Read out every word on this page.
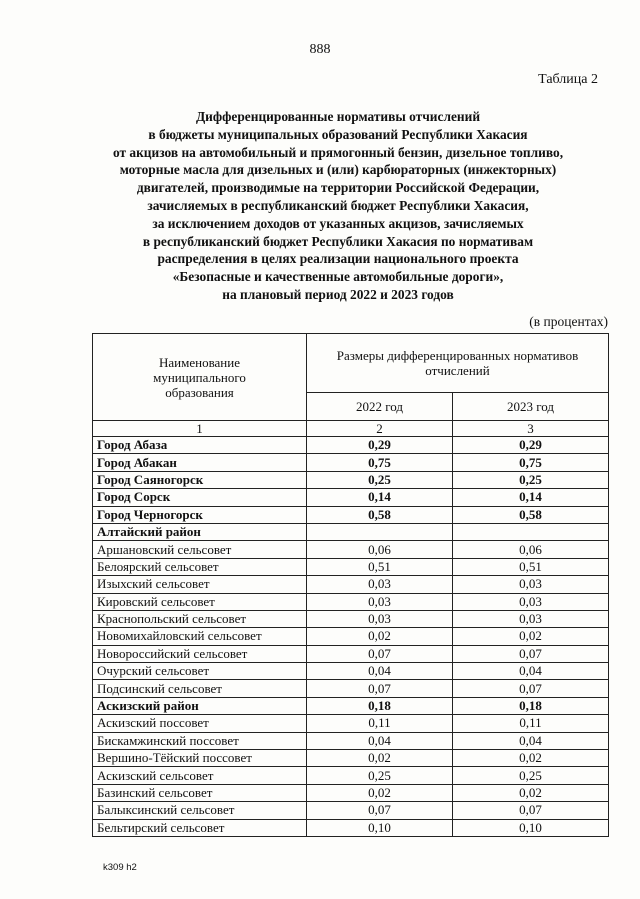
888
Таблица 2
Дифференцированные нормативы отчислений
в бюджеты муниципальных образований Республики Хакасия
от акцизов на автомобильный и прямогонный бензин, дизельное топливо,
моторные масла для дизельных и (или) карбюраторных (инжекторных)
двигателей, производимые на территории Российской Федерации,
зачисляемых в республиканский бюджет Республики Хакасия,
за исключением доходов от указанных акцизов, зачисляемых
в республиканский бюджет Республики Хакасия по нормативам
распределения в целях реализации национального проекта
«Безопасные и качественные автомобильные дороги»,
на плановый период 2022 и 2023 годов
(в процентах)
Наименование муниципального образования	Размеры дифференцированных нормативов отчислений	
	2022 год	2023 год
1	2	3
Город Абаза	0,29	0,29
Город Абакан	0,75	0,75
Город Саяногорск	0,25	0,25
Город Сорск	0,14	0,14
Город Черногорск	0,58	0,58
Алтайский район		
Аршановский сельсовет	0,06	0,06
Белоярский сельсовет	0,51	0,51
Изыхский сельсовет	0,03	0,03
Кировский сельсовет	0,03	0,03
Краснопольский сельсовет	0,03	0,03
Новомихайловский сельсовет	0,02	0,02
Новороссийский сельсовет	0,07	0,07
Очурский сельсовет	0,04	0,04
Подсинский сельсовет	0,07	0,07
Аскизский район	0,18	0,18
Аскизский поссовет	0,11	0,11
Бискамжинский поссовет	0,04	0,04
Вершино-Тёйский поссовет	0,02	0,02
Аскизский сельсовет	0,25	0,25
Базинский сельсовет	0,02	0,02
Балыксинский сельсовет	0,07	0,07
Бельтирский сельсовет	0,10	0,10
k309 h2
